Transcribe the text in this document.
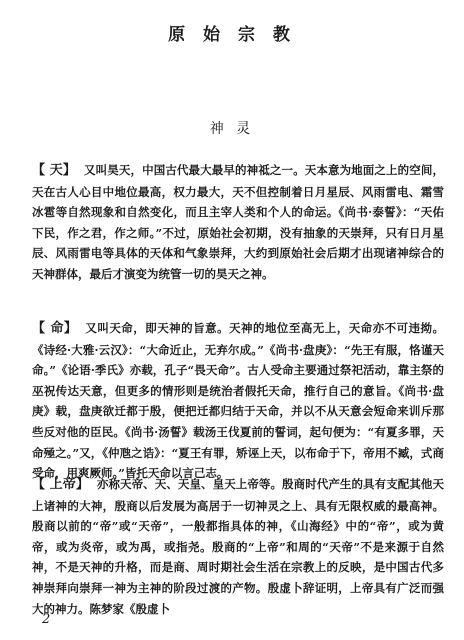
原 始 宗 教
神 灵
【 天】 又叫昊天，中国古代最大最早的神祗之一。天本意为地面之上的空间，天在古人心目中地位最高，权力最大，天不但控制着日月星辰、风雨雷电、霜雪冰雹等自然现象和自然变化，而且主宰人类和个人的命运。《尚书·泰誓》：“天佑下民，作之君，作之师。”不过，原始社会初期，没有抽象的天崇拜，只有日月星辰、风雨雷电等具体的天体和气象崇拜，大约到原始社会后期才出现诸神综合的天神群体，最后才演变为统管一切的昊天之神。
【 命】 又叫天命，即天神的旨意。天神的地位至高无上，天命亦不可违拗。《诗经·大雅·云汉》：“大命近止，无弃尔成。”《尚书·盘庚》：“先王有服，恪谨天命。”《论语·季氏》亦载，孔子“畏天命”。古人受命主要通过祭祀活动，靠主祭的巫祝传达天意，但更多的情形则是统治者假托天命，推行自己的意旨。《尚书·盘庚》载，盘庚欲迁都于殷，便把迁都归结于天命，并以不从天意会短命来训斥那些反对他的臣民。《尚书·汤誓》载汤王伐夏前的誓词，起句便为：“有夏多罪，天命殛之。”又，《仲虺之诰》：“夏王有罪，矫诬上天，以布命于下，帝用不臧，式商受命，用爽厥师。”皆托天命以言己志。
【 上帝】 亦称天帝、天、天皇、皇天上帝等。殷商时代产生的具有支配其他天上诸神的大神，殷商以后发展为高居于一切神灵之上、具有无限权威的最高神。殷商以前的“帝”或“天帝”，一般都指具体的神，《山海经》中的“帝”，或为黄帝，或为炎帝，或为禹，或指尧。殷商的“上帝”和周的“天帝”不是来源于自然神，不是天神的升格，而是商、周时期社会生活在宗教上的反映，是中国古代多神崇拜向崇拜一神为主神的阶段过渡的产物。殷虚卜辞证明，上帝具有广泛而强大的神力。陈梦家《殷虚卜
2
